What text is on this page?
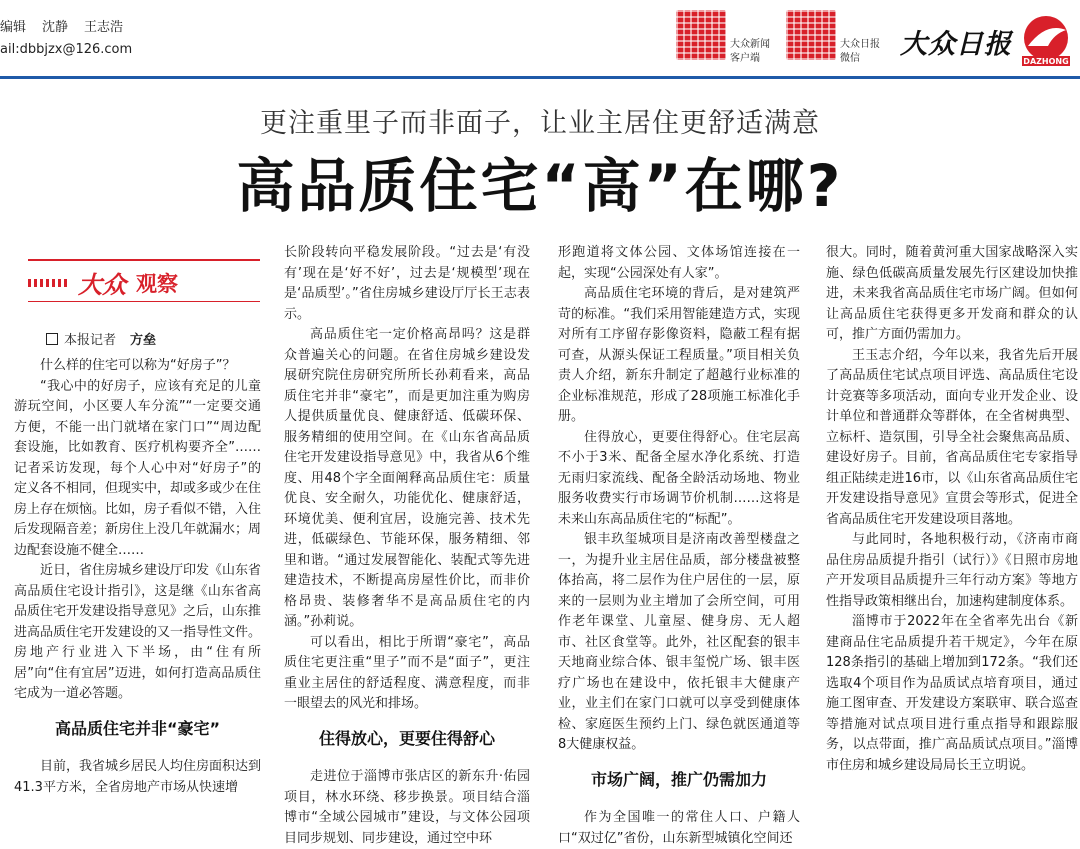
编辑 沈静 王志浩
ail:dbbjzx@126.com	大众新闻
客户端
大众日报
微信	大众日报
DAZHONG
更注重里子而非面子，让业主居住更舒适满意
高品质住宅“高”在哪?
大众 观察
本报记者 方垒

什么样的住宅可以称为“好房子”？

“我心中的好房子，应该有充足的儿童游玩空间，小区要人车分流”“一定要交通方便，不能一出门就堵在家门口”“周边配套设施，比如教育、医疗机构要齐全”……记者采访发现，每个人心中对“好房子”的定义各不相同，但现实中，却或多或少在住房上存在烦恼。比如，房子看似不错，入住后发现隔音差；新房住上没几年就漏水；周边配套设施不健全……

近日，省住房城乡建设厅印发《山东省高品质住宅设计指引》，这是继《山东省高品质住宅开发建设指导意见》之后，山东推进高品质住宅开发建设的又一指导性文件。房地产行业进入下半场，由“住有所居”向“住有宜居”迈进，如何打造高品质住宅成为一道必答题。

高品质住宅并非“豪宅”

目前，我省城乡居民人均住房面积达到41.3平方米，全省房地产市场从快速增

长阶段转向平稳发展阶段。“过去是‘有没有’现在是‘好不好’，过去是‘规模型’现在是‘品质型’。”省住房城乡建设厅厅长王志表示。

高品质住宅一定价格高昂吗？这是群众普遍关心的问题。在省住房城乡建设发展研究院住房研究所所长孙莉看来，高品质住宅并非“豪宅”，而是更加注重为购房人提供质量优良、健康舒适、低碳环保、服务精细的使用空间。在《山东省高品质住宅开发建设指导意见》中，我省从6个维度、用48个字全面阐释高品质住宅：质量优良、安全耐久，功能优化、健康舒适，环境优美、便利宜居，设施完善、技术先进，低碳绿色、节能环保，服务精细、邻里和谐。“通过发展智能化、装配式等先进建造技术，不断提高房屋性价比，而非价格昂贵、装修奢华不是高品质住宅的内涵。”孙莉说。

可以看出，相比于所谓“豪宅”，高品质住宅更注重“里子”而不是“面子”，更注重业主居住的舒适程度、满意程度，而非一眼望去的风光和排场。

住得放心，更要住得舒心

走进位于淄博市张店区的新东升·佑园项目，林水环绕、移步换景。项目结合淄博市“全域公园城市”建设，与文体公园项目同步规划、同步建设，通过空中环

形跑道将文体公园、文体场馆连接在一起，实现“公园深处有人家”。

高品质住宅环境的背后，是对建筑严苛的标准。“我们采用智能建造方式，实现对所有工序留存影像资料，隐蔽工程有据可查，从源头保证工程质量。”项目相关负责人介绍，新东升制定了超越行业标准的企业标准规范，形成了28项施工标准化手册。

住得放心，更要住得舒心。住宅层高不小于3米、配备全屋水净化系统、打造无雨归家流线、配备全龄活动场地、物业服务收费实行市场调节价机制……这将是未来山东高品质住宅的“标配”。

银丰玖玺城项目是济南改善型楼盘之一，为提升业主居住品质，部分楼盘被整体抬高，将二层作为住户居住的一层，原来的一层则为业主增加了会所空间，可用作老年课堂、儿童屋、健身房、无人超市、社区食堂等。此外，社区配套的银丰天地商业综合体、银丰玺悦广场、银丰医疗广场也在建设中，依托银丰大健康产业，业主们在家门口就可以享受到健康体检、家庭医生预约上门、绿色就医通道等8大健康权益。

市场广阔，推广仍需加力

作为全国唯一的常住人口、户籍人口“双过亿”省份，山东新型城镇化空间还

很大。同时，随着黄河重大国家战略深入实施、绿色低碳高质量发展先行区建设加快推进，未来我省高品质住宅市场广阔。但如何让高品质住宅获得更多开发商和群众的认可，推广方面仍需加力。

王玉志介绍，今年以来，我省先后开展了高品质住宅试点项目评选、高品质住宅设计竞赛等多项活动，面向专业开发企业、设计单位和普通群众等群体，在全省树典型、立标杆、造氛围，引导全社会聚焦高品质、建设好房子。目前，省高品质住宅专家指导组正陆续走进16市，以《山东省高品质住宅开发建设指导意见》宣贯会等形式，促进全省高品质住宅开发建设项目落地。

与此同时，各地积极行动，《济南市商品住房品质提升指引（试行）》《日照市房地产开发项目品质提升三年行动方案》等地方性指导政策相继出台，加速构建制度体系。

淄博市于2022年在全省率先出台《新建商品住宅品质提升若干规定》，今年在原128条指引的基础上增加到172条。“我们还选取4个项目作为品质试点培育项目，通过施工图审查、开发建设方案联审、联合巡查等措施对试点项目进行重点指导和跟踪服务，以点带面，推广高品质试点项目。”淄博市住房和城乡建设局局长王立明说。
